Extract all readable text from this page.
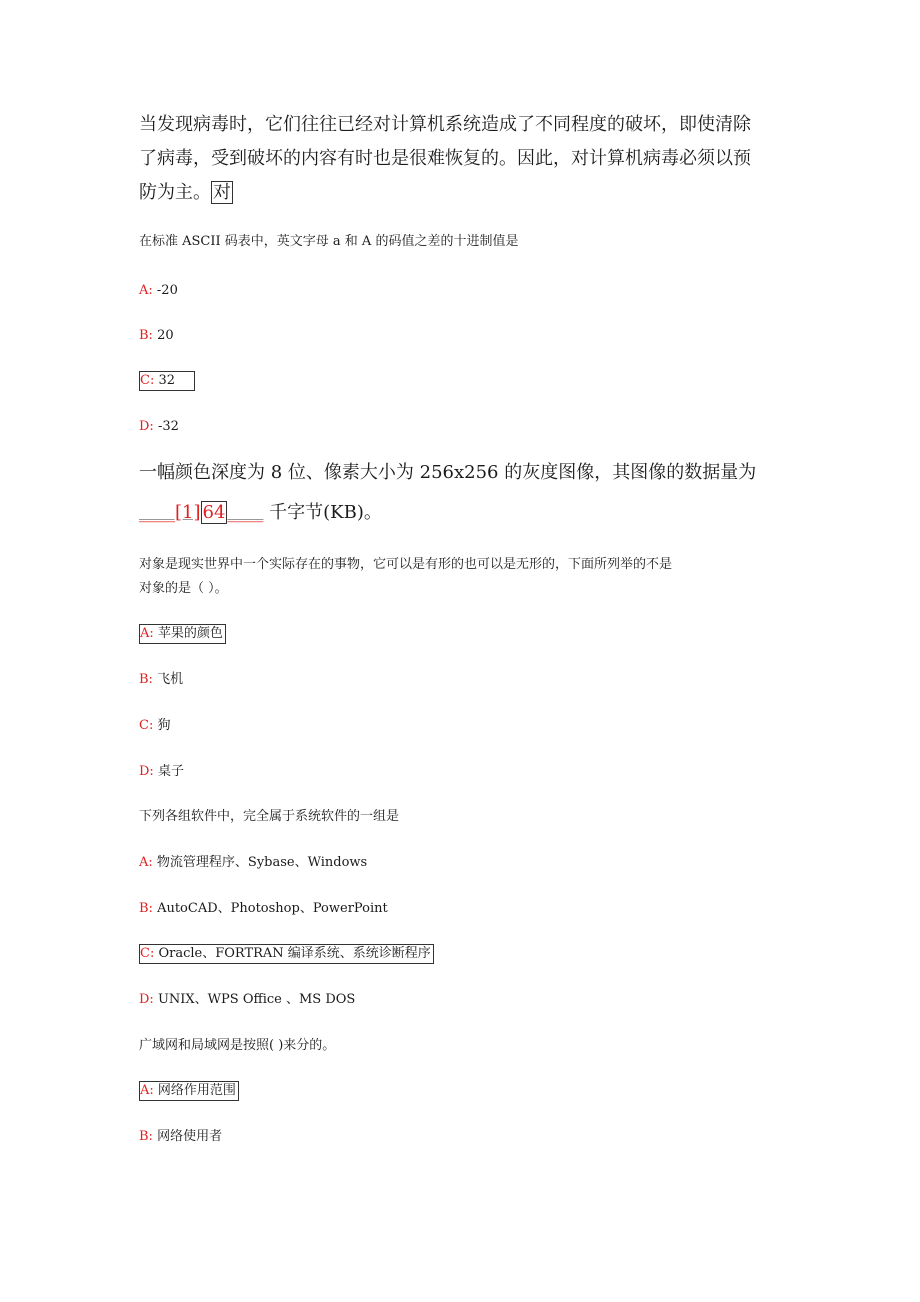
当发现病毒时，它们往往已经对计算机系统造成了不同程度的破坏，即使清除
了病毒，受到破坏的内容有时也是很难恢复的。因此，对计算机病毒必须以预
防为主。 对
在标准 ASCII 码表中，英文字母 a 和 A 的码值之差的十进制值是
A: -20
B: 20
C: 32
D: -32
一幅颜色深度为 8 位、像素大小为 256x256 的灰度图像，其图像的数据量为
____[1] 64 ____ 千字节(KB)。
对象是现实世界中一个实际存在的事物，它可以是有形的也可以是无形的，下面所列举的不是
对象的是（ ）。
A: 苹果的颜色
B: 飞机
C: 狗
D: 桌子
下列各组软件中，完全属于系统软件的一组是
A: 物流管理程序、Sybase、Windows
B: AutoCAD、Photoshop、PowerPoint
C: Oracle、FORTRAN 编译系统、系统诊断程序
D: UNIX、WPS Office 、MS DOS
广域网和局域网是按照( )来分的。
A: 网络作用范围
B: 网络使用者
